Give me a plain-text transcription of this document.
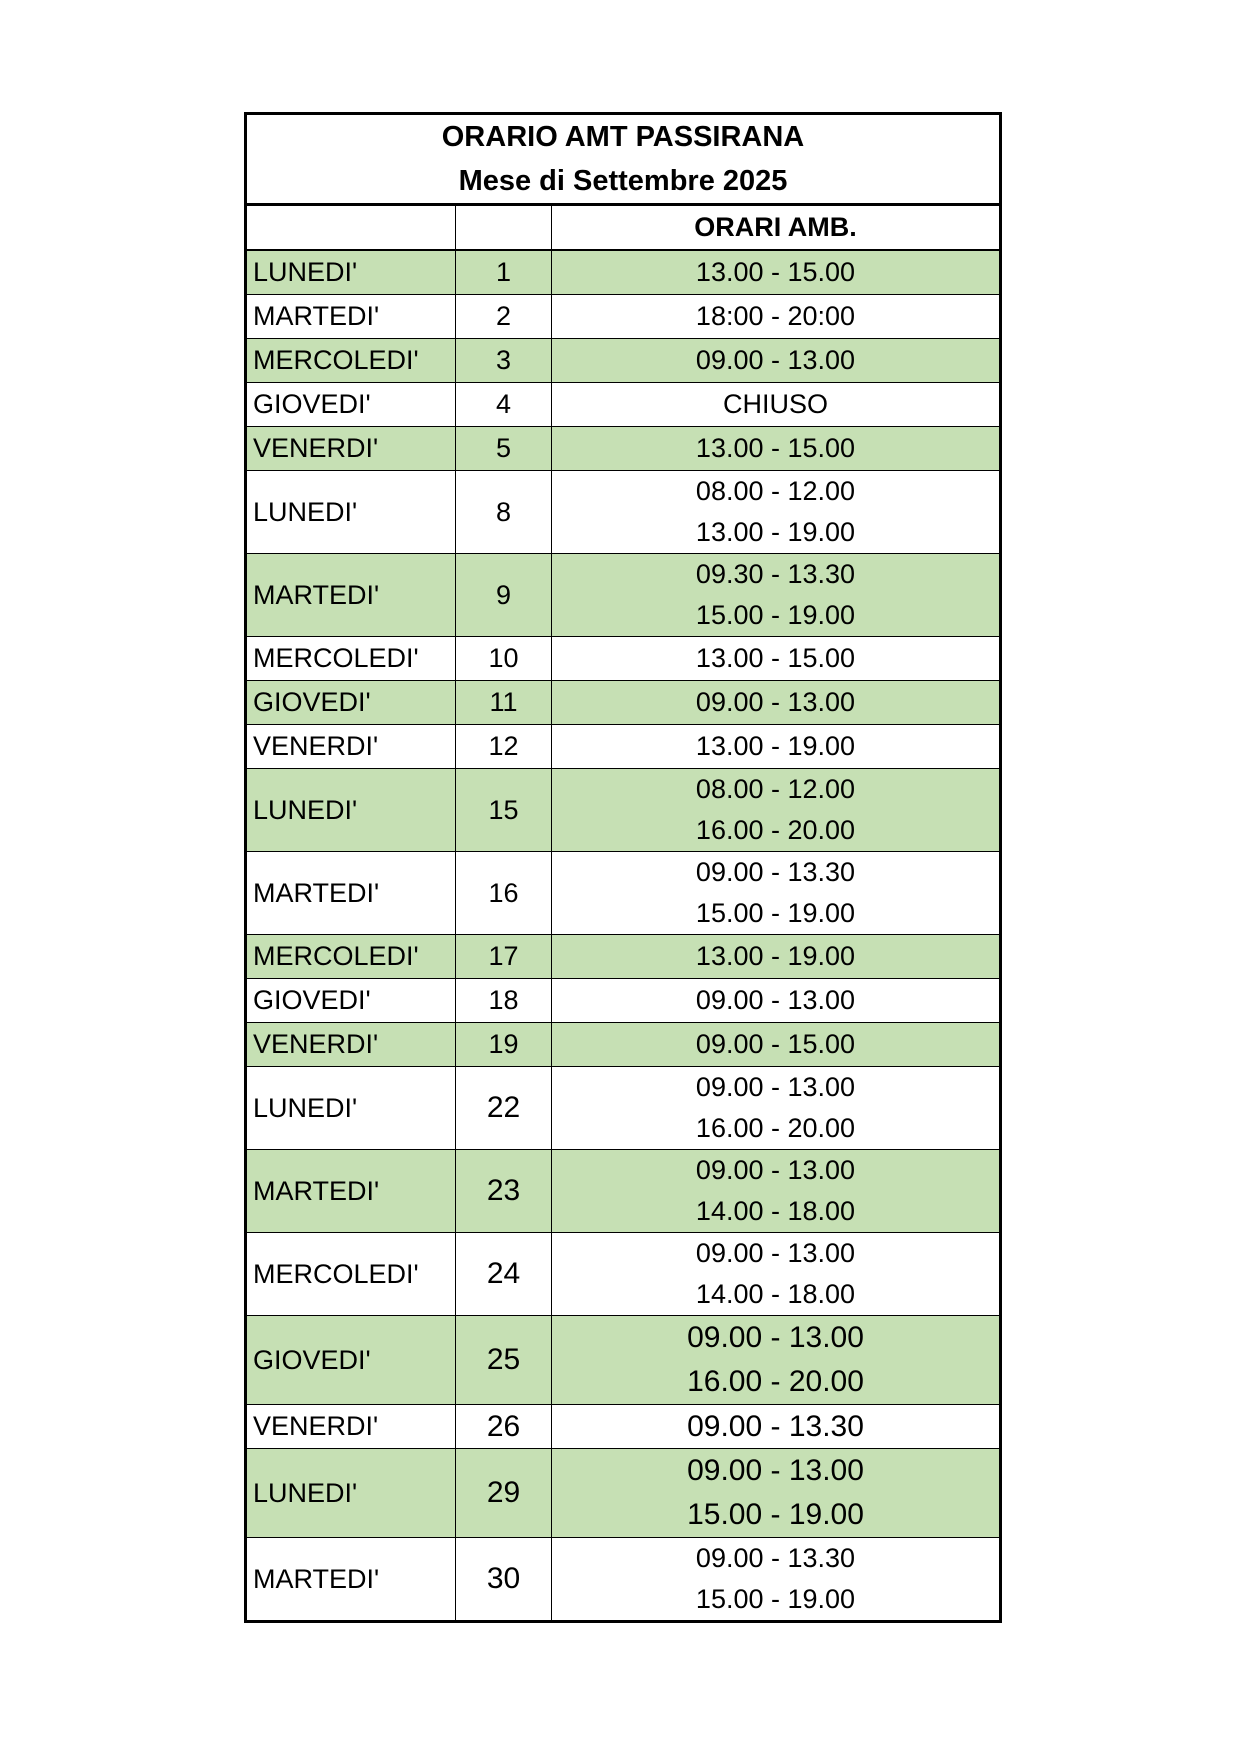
ORARIO AMT PASSIRANA
Mese di Settembre 2025		

		ORARI AMB.
LUNEDI'	1	13.00 - 15.00

MARTEDI'	2	18:00 - 20:00

MERCOLEDI'	3	09.00 - 13.00

GIOVEDI'	4	CHIUSO

VENERDI'	5	13.00 - 15.00

LUNEDI'	8	08.00 - 12.00
13.00 - 19.00

MARTEDI'	9	09.30 - 13.30
15.00 - 19.00

MERCOLEDI'	10	13.00 - 15.00

GIOVEDI'	11	09.00 - 13.00

VENERDI'	12	13.00 - 19.00

LUNEDI'	15	08.00 - 12.00
16.00 - 20.00

MARTEDI'	16	09.00 - 13.30
15.00 - 19.00

MERCOLEDI'	17	13.00 - 19.00

GIOVEDI'	18	09.00 - 13.00

VENERDI'	19	09.00 - 15.00

LUNEDI'	22	09.00 - 13.00
16.00 - 20.00

MARTEDI'	23	09.00 - 13.00
14.00 - 18.00

MERCOLEDI'	24	09.00 - 13.00
14.00 - 18.00

GIOVEDI'	25	09.00 - 13.00
16.00 - 20.00

VENERDI'	26	09.00 - 13.30

LUNEDI'	29	09.00 - 13.00
15.00 - 19.00

MARTEDI'	30	09.00 - 13.30
15.00 - 19.00
